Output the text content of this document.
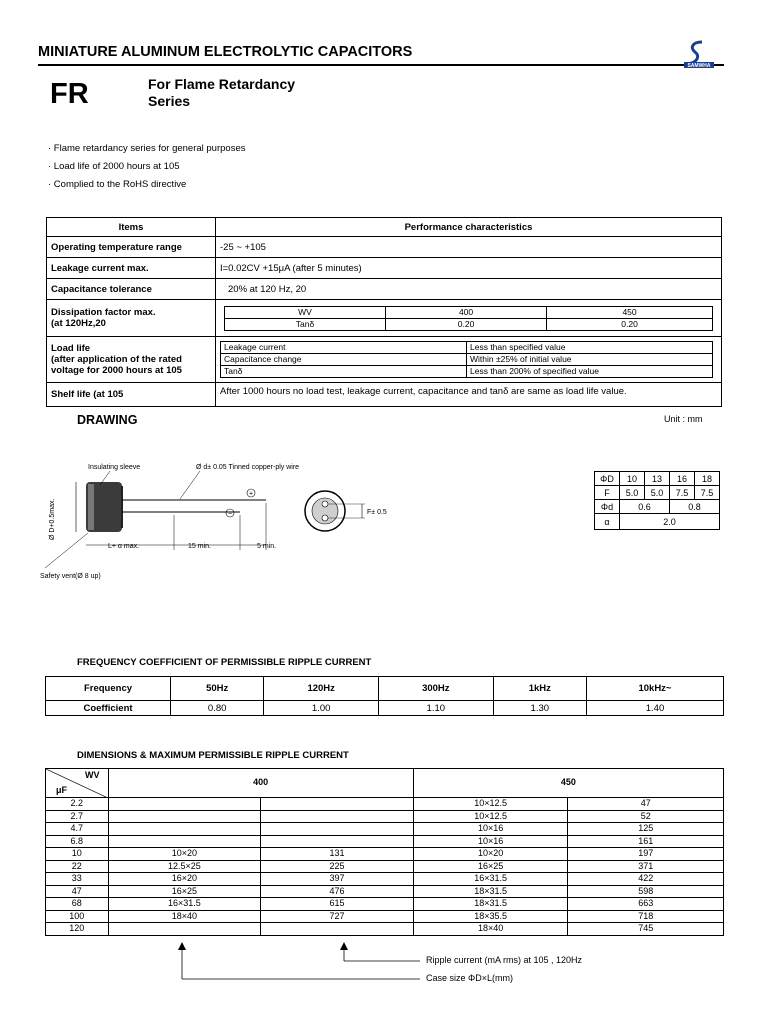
MINIATURE ALUMINUM ELECTROLYTIC CAPACITORS
SAMWHA
FR	For Flame Retardancy
Series
· Flame retardancy series for general purposes
· Load life of 2000 hours at 105
· Complied to the RoHS directive
Items	Performance characteristics
Operating temperature range	-25 ~ +105
Leakage current max.	I=0.02CV +15μA (after 5 minutes)
Capacitance tolerance	20% at 120 Hz, 20

Dissipation factor max.
(at 120Hz,20

WV	400	450
Tanδ	0.20	0.20

Load life
(after application of the rated
voltage for 2000 hours at 105

Leakage current	Less than specified value
Capacitance change	Within ±25% of initial value
Tanδ	Less than 200% of specified value

Shelf life (at 105	After 1000 hours no load test, leakage current, capacitance and tanδ are same as load life value.
DRAWING	Unit : mm
+
−
Insulating sleeve	Ø d± 0.05 Tinned copper-ply wire
Ø D+0.5max.
L+ α max.	15 min.	5 min.
Safety vent(Ø 8 up)
F± 0.5
ΦD	10	13	16	18
F	5.0	5.0	7.5	7.5
Φd	0.6		0.8	
α	2.0			
FREQUENCY COEFFICIENT OF PERMISSIBLE RIPPLE CURRENT
Frequency	50Hz	120Hz	300Hz	1kHz	10kHz~
Coefficient	0.80	1.00	1.10	1.30	1.40
DIMENSIONS & MAXIMUM PERMISSIBLE RIPPLE CURRENT
WV
μF	400		450	
2.2			10×12.5	47
2.7			10×12.5	52
4.7			10×16	125
6.8			10×16	161
10	10×20	131	10×20	197
22	12.5×25	225	16×25	371
33	16×20	397	16×31.5	422
47	16×25	476	18×31.5	598
68	16×31.5	615	18×31.5	663
100	18×40	727	18×35.5	718
120			18×40	745
Ripple current (mA rms) at 105 , 120Hz
Case size ΦD×L(mm)
